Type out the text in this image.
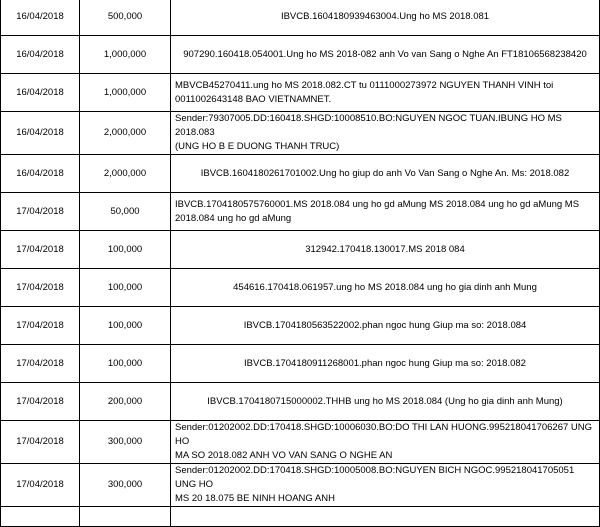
16/04/2018	500,000	IBVCB.1604180939463004.Ung ho MS 2018.081

16/04/2018	1,000,000	907290.160418.054001.Ung ho MS 2018-082 anh Vo van Sang o Nghe An FT18106568238420

16/04/2018	1,000,000	MBVCB45270411.ung ho MS 2018.082.CT tu 0111000273972 NGUYEN THANH VINH toi
0011002643148 BAO VIETNAMNET.

16/04/2018	2,000,000	Sender:79307005.DD:160418.SHGD:10008510.BO:NGUYEN NGOC TUAN.IBUNG HO MS 2018.083
(UNG HO B E DUONG THANH TRUC)

16/04/2018	2,000,000	IBVCB.1604180261701002.Ung ho giup do anh Vo Van Sang o Nghe An. Ms: 2018.082

17/04/2018	50,000	IBVCB.1704180575760001.MS 2018.084 ung ho gd aMung MS 2018.084 ung ho gd aMung MS
2018.084 ung ho gd aMung

17/04/2018	100,000	312942.170418.130017.MS 2018 084

17/04/2018	100,000	454616.170418.061957.ung ho MS 2018.084 ung ho gia dinh anh Mung

17/04/2018	100,000	IBVCB.1704180563522002.phan ngoc hung Giup ma so: 2018.084

17/04/2018	100,000	IBVCB.1704180911268001.phan ngoc hung Giup ma so: 2018.082

17/04/2018	200,000	IBVCB.1704180715000002.THHB ung ho MS 2018.084 (Ung ho gia dinh anh Mung)

17/04/2018	300,000	Sender:01202002.DD:170418.SHGD:10006030.BO:DO THI LAN HUONG.995218041706267 UNG HO
MA SO 2018.082 ANH VO VAN SANG O NGHE AN

17/04/2018	300,000	Sender:01202002.DD:170418.SHGD:10005008.BO:NGUYEN BICH NGOC.995218041705051 UNG HO
MS 20 18.075 BE NINH HOANG ANH
